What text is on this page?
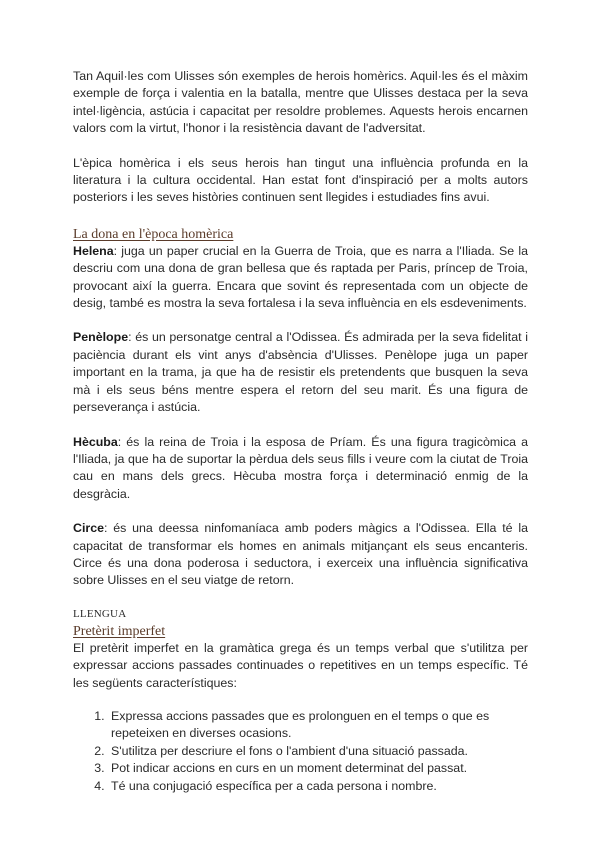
Tan Aquil·les com Ulisses són exemples de herois homèrics. Aquil·les és el màxim exemple de força i valentia en la batalla, mentre que Ulisses destaca per la seva intel·ligència, astúcia i capacitat per resoldre problemes. Aquests herois encarnen valors com la virtut, l'honor i la resistència davant de l'adversitat.

L'èpica homèrica i els seus herois han tingut una influència profunda en la literatura i la cultura occidental. Han estat font d'inspiració per a molts autors posteriors i les seves històries continuen sent llegides i estudiades fins avui.

La dona en l'època homèrica

Helena: juga un paper crucial en la Guerra de Troia, que es narra a l'Iliada. Se la descriu com una dona de gran bellesa que és raptada per Paris, príncep de Troia, provocant així la guerra. Encara que sovint és representada com un objecte de desig, també es mostra la seva fortalesa i la seva influència en els esdeveniments.

Penèlope: és un personatge central a l'Odissea. És admirada per la seva fidelitat i paciència durant els vint anys d'absència d'Ulisses. Penèlope juga un paper important en la trama, ja que ha de resistir els pretendents que busquen la seva mà i els seus béns mentre espera el retorn del seu marit. És una figura de perseverança i astúcia.

Hècuba: és la reina de Troia i la esposa de Príam. És una figura tragicòmica a l'Iliada, ja que ha de suportar la pèrdua dels seus fills i veure com la ciutat de Troia cau en mans dels grecs. Hècuba mostra força i determinació enmig de la desgràcia.

Circe: és una deessa ninfomaníaca amb poders màgics a l'Odissea. Ella té la capacitat de transformar els homes en animals mitjançant els seus encanteris. Circe és una dona poderosa i seductora, i exerceix una influència significativa sobre Ulisses en el seu viatge de retorn.

LLENGUA
Pretèrit imperfet

El pretèrit imperfet en la gramàtica grega és un temps verbal que s'utilitza per expressar accions passades continuades o repetitives en un temps específic. Té les següents característiques:

1. Expressa accions passades que es prolonguen en el temps o que es repeteixen en diverses ocasions.
2. S'utilitza per descriure el fons o l'ambient d'una situació passada.
3. Pot indicar accions en curs en un moment determinat del passat.
4. Té una conjugació específica per a cada persona i nombre.
